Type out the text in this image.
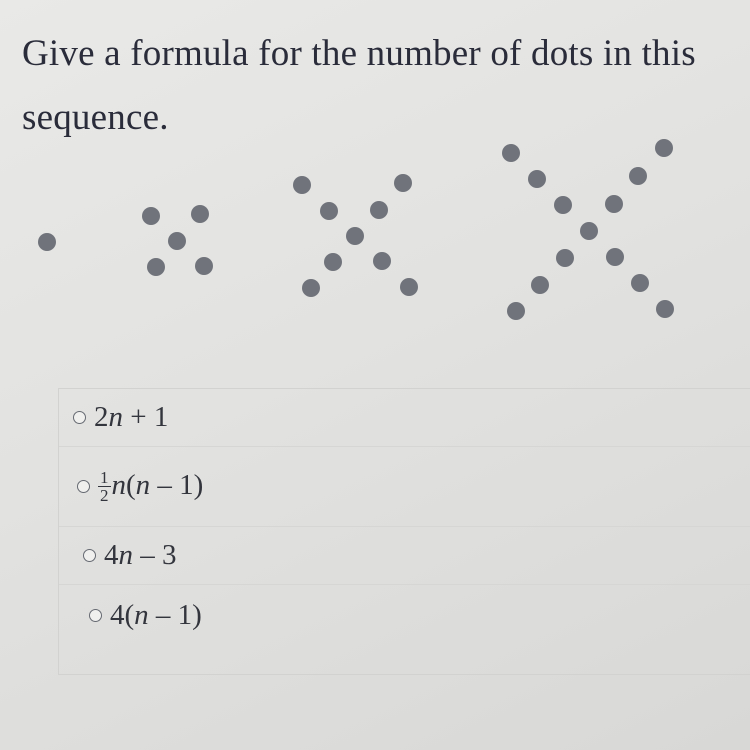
Give a formula for the number of dots in this sequence.
2n + 1
$\frac{1}{2} n(n - 1)$
4n – 3
4(n – 1)
